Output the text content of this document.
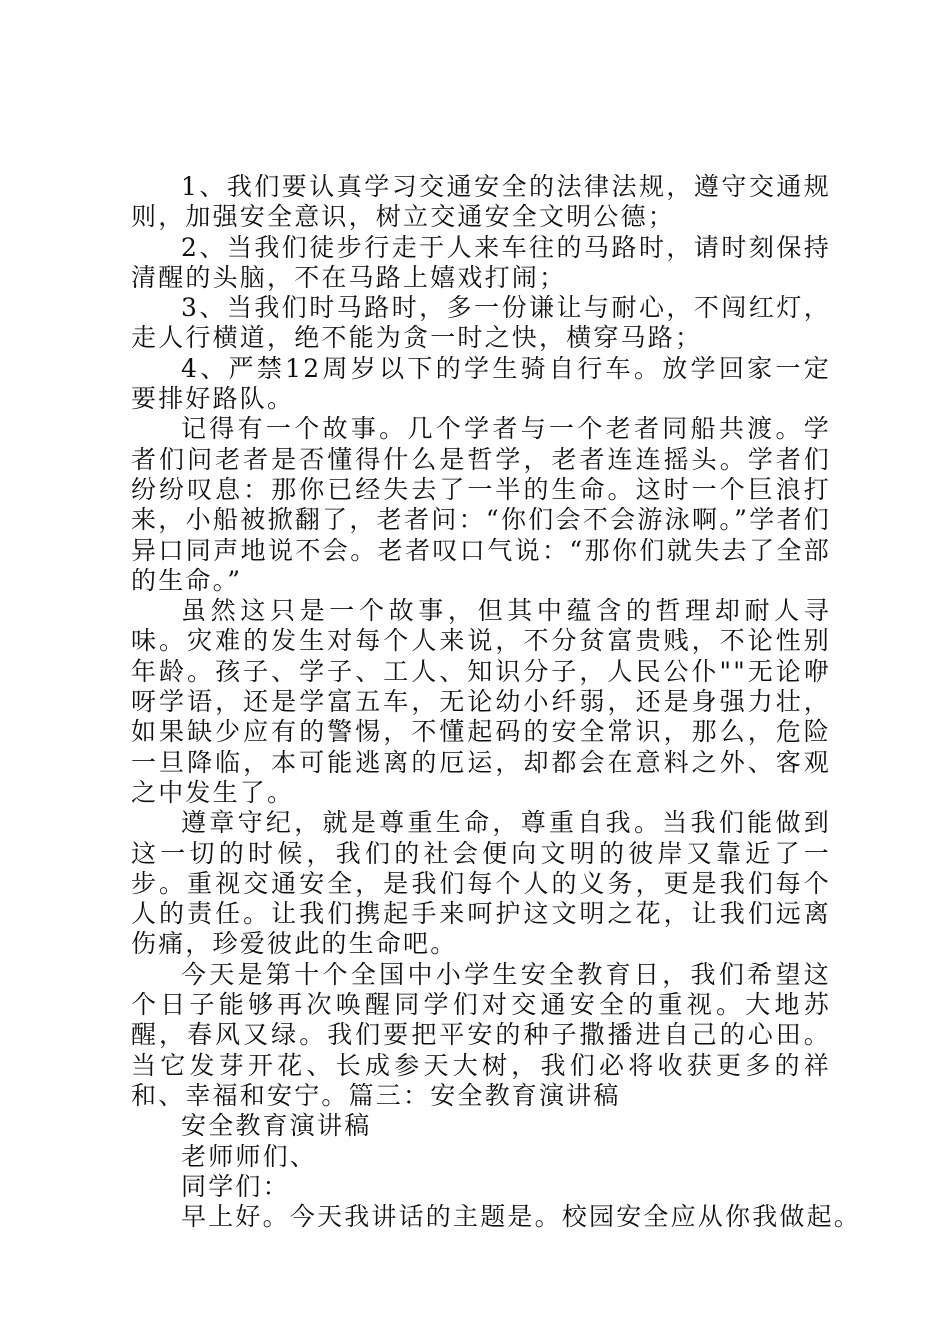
1、我们要认真学习交通安全的法律法规，遵守交通规则，加强安全意识，树立交通安全文明公德；

2、当我们徒步行走于人来车往的马路时，请时刻保持清醒的头脑，不在马路上嬉戏打闹；

3、当我们时马路时，多一份谦让与耐心，不闯红灯，走人行横道，绝不能为贪一时之快，横穿马路；

4、严禁12周岁以下的学生骑自行车。放学回家一定要排好路队。

记得有一个故事。几个学者与一个老者同船共渡。学者们问老者是否懂得什么是哲学，老者连连摇头。学者们纷纷叹息：那你已经失去了一半的生命。这时一个巨浪打来，小船被掀翻了，老者问：“你们会不会游泳啊。”学者们异口同声地说不会。老者叹口气说：“那你们就失去了全部的生命。”

虽然这只是一个故事，但其中蕴含的哲理却耐人寻味。灾难的发生对每个人来说，不分贫富贵贱，不论性别年龄。孩子、学子、工人、知识分子，人民公仆""无论咿呀学语，还是学富五车，无论幼小纤弱，还是身强力壮，如果缺少应有的警惕，不懂起码的安全常识，那么，危险一旦降临，本可能逃离的厄运，却都会在意料之外、客观之中发生了。

遵章守纪，就是尊重生命，尊重自我。当我们能做到这一切的时候，我们的社会便向文明的彼岸又靠近了一步。重视交通安全，是我们每个人的义务，更是我们每个人的责任。让我们携起手来呵护这文明之花，让我们远离伤痛，珍爱彼此的生命吧。

今天是第十个全国中小学生安全教育日，我们希望这个日子能够再次唤醒同学们对交通安全的重视。大地苏醒，春风又绿。我们要把平安的种子撒播进自己的心田。当它发芽开花、长成参天大树，我们必将收获更多的祥和、幸福和安宁。篇三：安全教育演讲稿

安全教育演讲稿

老师师们、

同学们：

早上好。今天我讲话的主题是。校园安全应从你我做起。
